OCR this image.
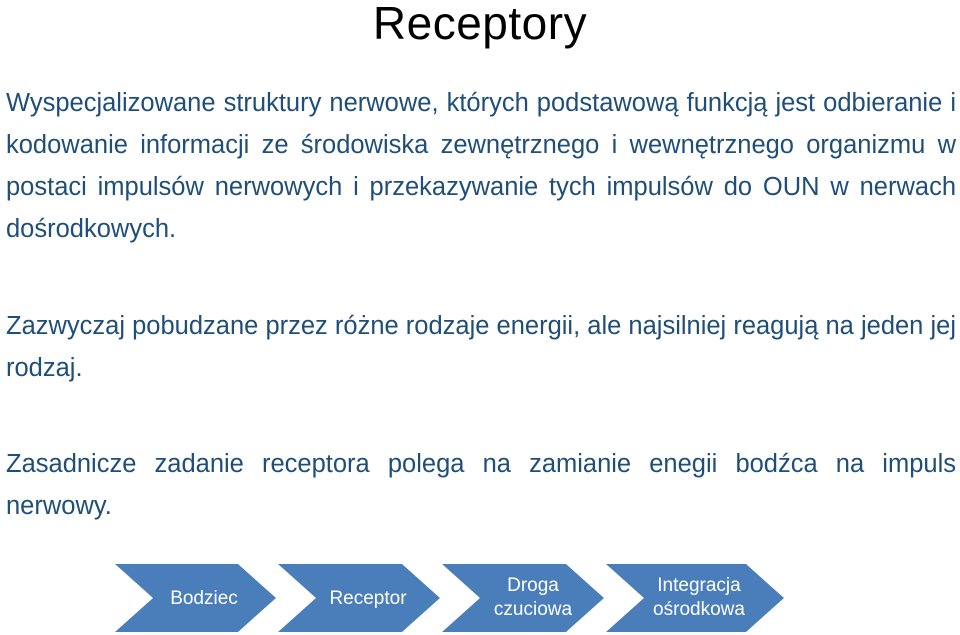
Receptory
Wyspecjalizowane struktury nerwowe, których podstawową funkcją jest odbieranie i kodowanie informacji ze środowiska zewnętrznego i wewnętrznego organizmu w postaci impulsów nerwowych i przekazywanie tych impulsów do OUN w nerwach dośrodkowych.
Zazwyczaj pobudzane przez różne rodzaje energii, ale najsilniej reagują na jeden jej rodzaj.
Zasadnicze zadanie receptora polega na zamianie enegii bodźca na impuls nerwowy.
Bodziec	Receptor
Droga
czuciowa
Integracja
ośrodkowa
